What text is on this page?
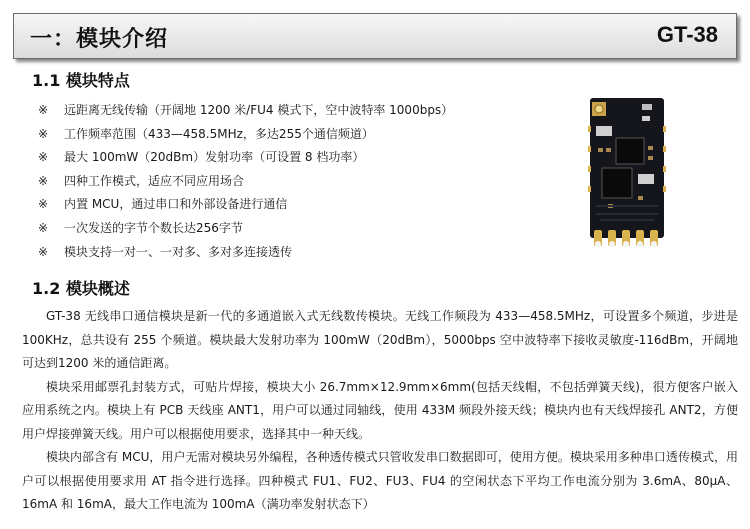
一：模块介绍	GT-38
1.1 模块特点
※ 远距离无线传输（开阔地 1200 米/FU4 模式下，空中波特率 1000bps）
※ 工作频率范围（433—458.5MHz，多达255个通信频道）
※ 最大 100mW（20dBm）发射功率（可设置 8 档功率）
※ 四种工作模式，适应不同应用场合
※ 内置 MCU，通过串口和外部设备进行通信
※ 一次发送的字节个数长达256字节
※ 模块支持一对一、一对多、多对多连接透传
1.2 模块概述

GT-38 无线串口通信模块是新一代的多通道嵌入式无线数传模块。无线工作频段为 433—458.5MHz，可设置多个频道，步进是 100KHz，总共设有 255 个频道。模块最大发射功率为 100mW（20dBm），5000bps 空中波特率下接收灵敏度-116dBm，开阔地 可达到1200 米的通信距离。

模块采用邮票孔封装方式，可贴片焊接，模块大小 26.7mm×12.9mm×6mm(包括天线帽，不包括弹簧天线)，很方便客户嵌入应用系统之内。模块上有 PCB 天线座 ANT1，用户可以通过同轴线，使用 433M 频段外接天线；模块内也有天线焊接孔 ANT2，方便用户焊接弹簧天线。用户可以根据使用要求，选择其中一种天线。

模块内部含有 MCU，用户无需对模块另外编程，各种透传模式只管收发串口数据即可，使用方便。模块采用多种串口透传模式，用户可以根据使用要求用 AT 指令进行选择。四种模式 FU1、FU2、FU3、FU4 的空闲状态下平均工作电流分别为 3.6mA、80μA、16mA 和 16mA，最大工作电流为 100mA（满功率发射状态下）
